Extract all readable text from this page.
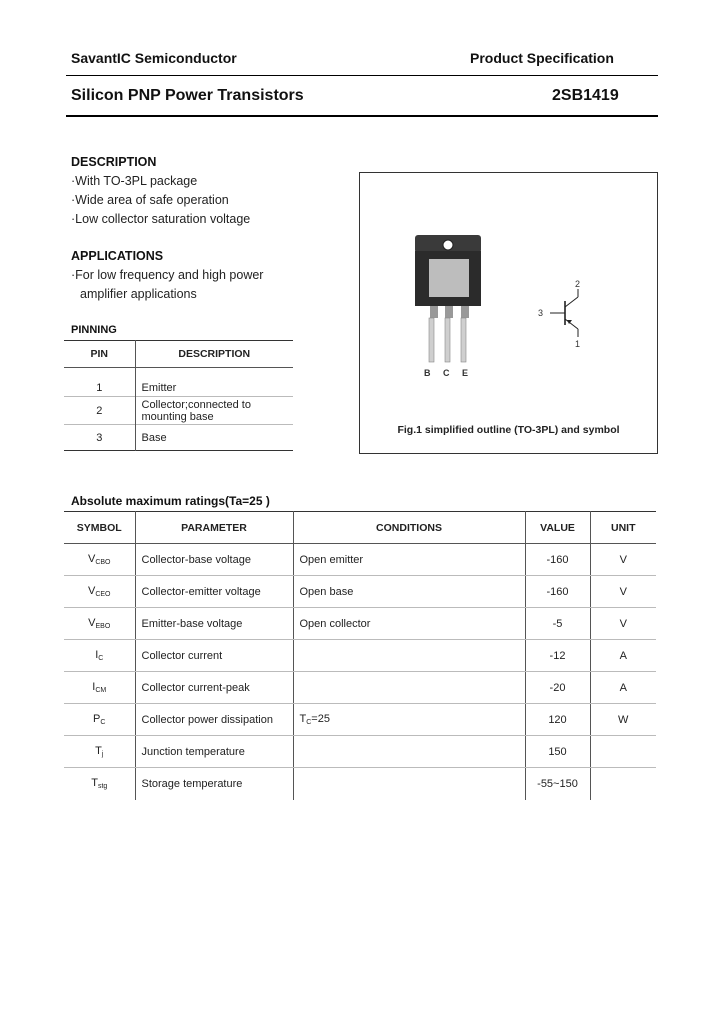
SavantIC Semiconductor	Product Specification
Silicon PNP Power Transistors	2SB1419
DESCRIPTION
·With TO-3PL package
·Wide area of safe operation
·Low collector saturation voltage
APPLICATIONS
·For low frequency and high power
amplifier applications
PINNING
PIN	DESCRIPTION
1	Emitter
2	Collector;connected to mounting base
3	Base
B C E
2
3
1
Fig.1 simplified outline (TO-3PL) and symbol
Absolute maximum ratings(Ta=25 )
SYMBOL	PARAMETER	CONDITIONS	VALUE	UNIT
$V_{CBO}$	Collector-base voltage	Open emitter	-160	V
$V_{CEO}$	Collector-emitter voltage	Open base	-160	V
$V_{EBO}$	Emitter-base voltage	Open collector	-5	V
$I_C$	Collector current		-12	A
$I_{CM}$	Collector current-peak		-20	A
$P_C$	Collector power dissipation	$T_C=25$	120	W
$T_j$	Junction temperature		150	
$T_{stg}$	Storage temperature		-55~150	
